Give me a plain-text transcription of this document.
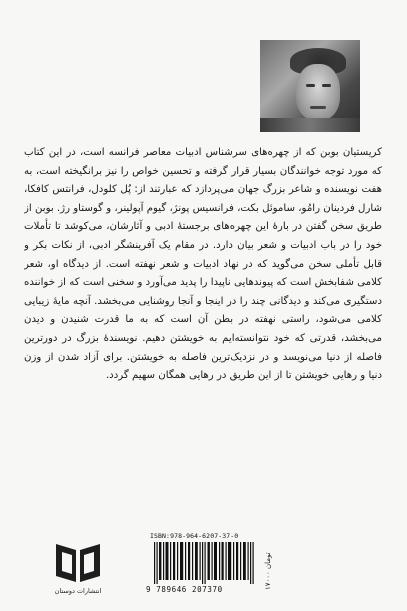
کریستیان بوبن که از چهره‌های سرشناس ادبیات معاصر فرانسه است، در این کتاب که مورد توجه خوانندگان بسیار قرار گرفته و تحسین خواص را نیز برانگیخته است، به هفت نویسنده و شاعر بزرگ جهان می‌پردازد که عبارتند از: پُل کلودل، فرانتس کافکا، شارل فردینان رامُو، ساموئل بکت، فرانسیس پونژ، گیوم آپولینر، و گوستاو رژ. بوبن از طریق سخن گفتن در بارهٔ این چهره‌های برجستهٔ ادبی و آثارشان، می‌کوشد تا تأملات خود را در باب ادبیات و شعر بیان دارد. در مقام یک آفرینشگر ادبی، از نکات بکر و قابل تأملی سخن می‌گوید که در نهاد ادبیات و شعر نهفته است. از دیدگاه او، شعر کلامی شفابخش است که پیوندهایی ناپیدا را پدید می‌آورد و سخنی است که از خواننده دستگیری می‌کند و دیدگانی چند را در اینجا و آنجا روشنایی می‌بخشد. آنچه مایهٔ زیبایی کلامی می‌شود، راستی نهفته در بطن آن است که به ما قدرت شنیدن و دیدن می‌بخشد، قدرتی که خود نتوانسته‌ایم به خویشتن دهیم. نویسندهٔ بزرگ در دورترین فاصله از دنیا می‌نویسد و در نزدیک‌ترین فاصله به خویشتن. برای آزاد شدن از وزن دنیا و رهایی خویشتن تا از این طریق در رهایی همگان سهیم گردد.

انتشارات دوستان
ISBN:978-964-6207-37-0
9 789646 207370	۱۷۰۰۰ تومان
